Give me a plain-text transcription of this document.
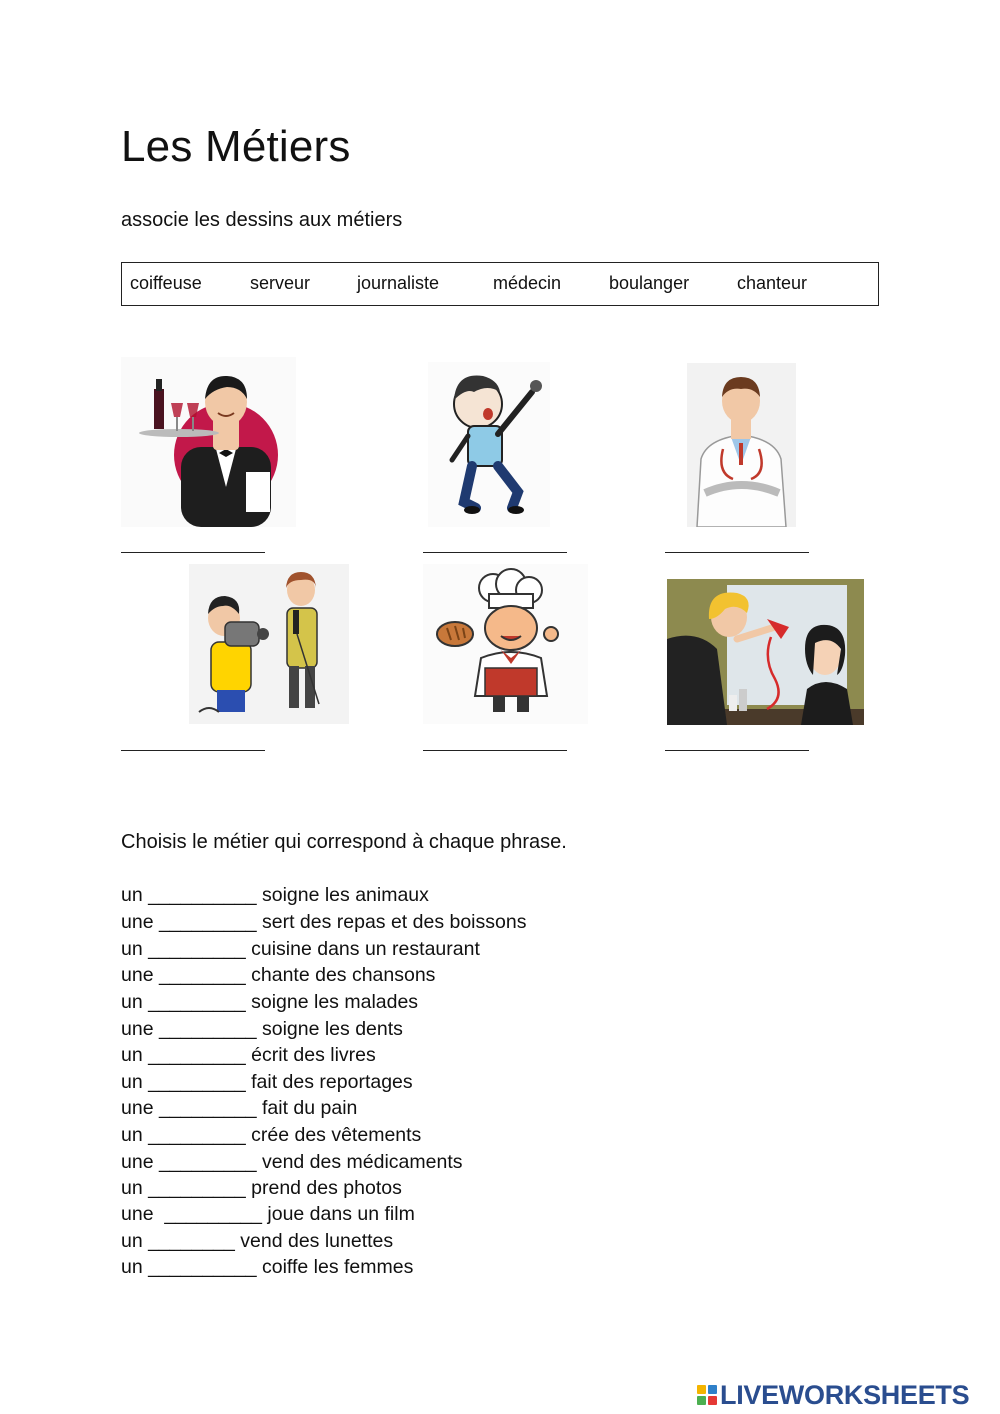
Les Métiers
associe les dessins aux métiers
coiffeuse	serveur	journaliste	médecin	boulanger	chanteur
Choisis le métier qui correspond à chaque phrase.
un __________ soigne les animaux
une _________ sert des repas et des boissons
un _________ cuisine dans un restaurant
une ________ chante des chansons
un _________ soigne les malades
une _________ soigne les dents
un _________ écrit des livres
un _________ fait des reportages
une _________ fait du pain
un _________ crée des vêtements
une _________ vend des médicaments
un _________ prend des photos
une  _________ joue dans un film
un ________ vend des lunettes
un __________ coiffe les femmes
LIVEWORKSHEETS
